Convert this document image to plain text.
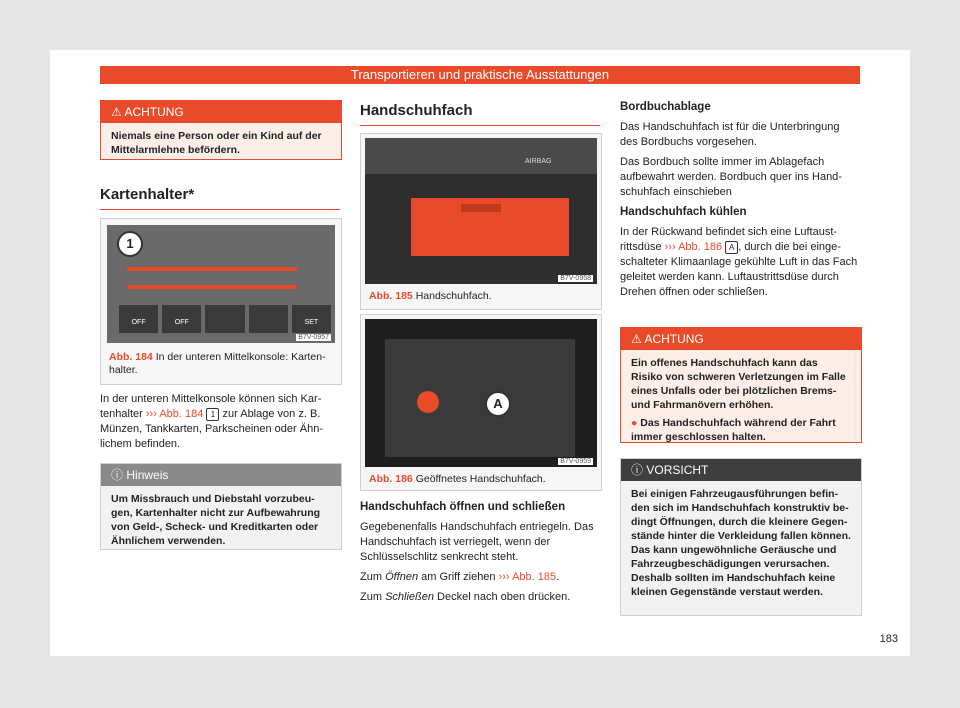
Transportieren und praktische Ausstattungen
⚠ ACHTUNG
Niemals eine Person oder ein Kind auf der Mittelarmlehne befördern.
Kartenhalter*
1
OFF	OFF	SET
B7V-0957
Abb. 184 In der unteren Mittelkonsole: Kartenhalter.
In der unteren Mittelkonsole können sich Kartenhalter ››› Abb. 184 1 zur Ablage von z. B. Münzen, Tankkarten, Parkscheinen oder Ähnlichem befinden.
ⓘ Hinweis
Um Missbrauch und Diebstahl vorzubeugen, Kartenhalter nicht zur Aufbewahrung von Geld-, Scheck- und Kreditkarten oder Ähnlichem verwenden.
Handschuhfach
AIRBAG
B7V-0958
Abb. 185 Handschuhfach.
A
B7V-0959
Abb. 186 Geöffnetes Handschuhfach.

Handschuhfach öffnen und schließen

Gegebenenfalls Handschuhfach entriegeln. Das Handschuhfach ist verriegelt, wenn der Schlüsselschlitz senkrecht steht.

Zum Öffnen am Griff ziehen ››› Abb. 185.

Zum Schließen Deckel nach oben drücken.

Bordbuchablage

Das Handschuhfach ist für die Unterbringung des Bordbuchs vorgesehen.

Das Bordbuch sollte immer im Ablagefach aufbewahrt werden. Bordbuch quer ins Handschuhfach einschieben

Handschuhfach kühlen

In der Rückwand befindet sich eine Luftaustrittsdüse ››› Abb. 186 A , durch die bei eingeschalteter Klimaanlage gekühlte Luft in das Fach geleitet werden kann. Luftaustrittsdüse durch Drehen öffnen oder schließen.

⚠ ACHTUNG

Ein offenes Handschuhfach kann das Risiko von schweren Verletzungen im Falle eines Unfalls oder bei plötzlichen Brems- und Fahrmanövern erhöhen.

● Das Handschuhfach während der Fahrt immer geschlossen halten.

ⓘ VORSICHT
Bei einigen Fahrzeugausführungen befinden sich im Handschuhfach konstruktiv bedingt Öffnungen, durch die kleinere Gegenstände hinter die Verkleidung fallen können. Das kann ungewöhnliche Geräusche und Fahrzeugbeschädigungen verursachen. Deshalb sollten im Handschuhfach keine kleinen Gegenstände verstaut werden.
183
